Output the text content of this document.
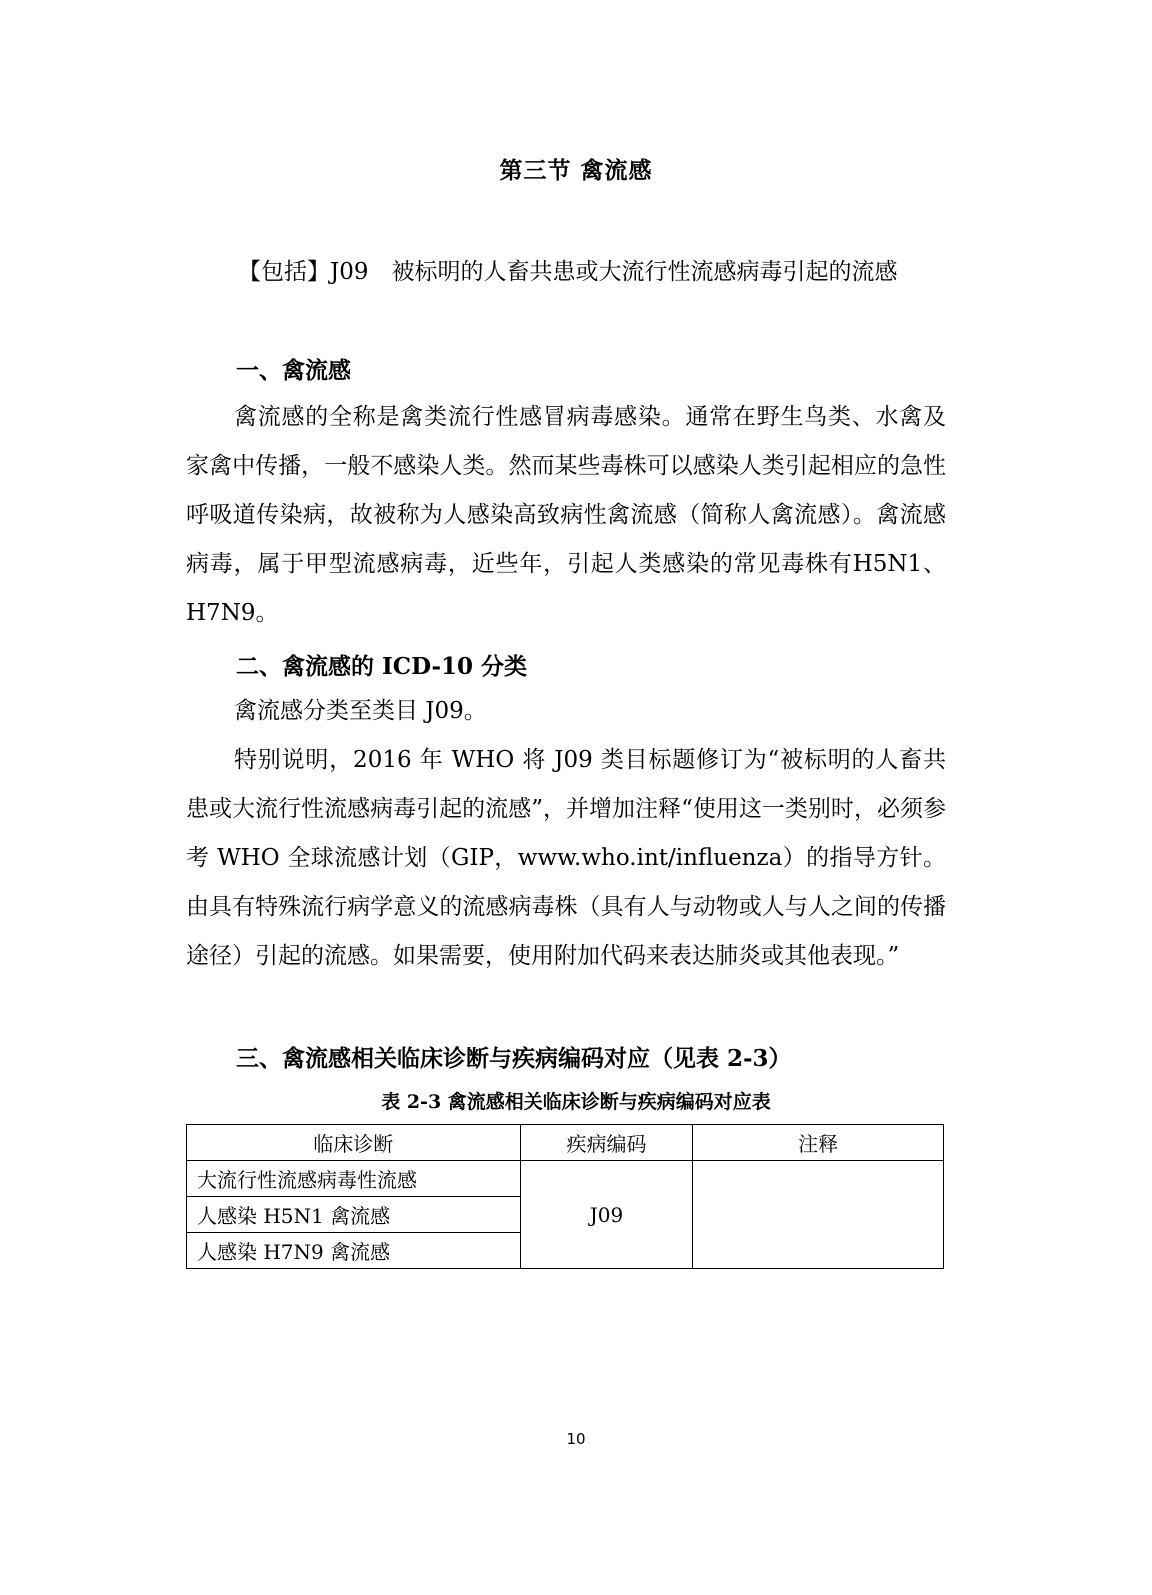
第三节 禽流感
【包括】J09　被标明的人畜共患或大流行性流感病毒引起的流感
一、禽流感

禽流感的全称是禽类流行性感冒病毒感染。通常在野生鸟类、水禽及家禽中传播，一般不感染人类。然而某些毒株可以感染人类引起相应的急性呼吸道传染病，故被称为人感染高致病性禽流感（简称人禽流感）。禽流感病毒，属于甲型流感病毒，近些年，引起人类感染的常见毒株有H5N1、H7N9。

二、禽流感的 ICD-10 分类

禽流感分类至类目 J09。

特别说明，2016 年 WHO 将 J09 类目标题修订为“被标明的人畜共患或大流行性流感病毒引起的流感”，并增加注释“使用这一类别时，必须参考 WHO 全球流感计划（GIP，www.who.int/influenza）的指导方针。由具有特殊流行病学意义的流感病毒株（具有人与动物或人与人之间的传播途径）引起的流感。如果需要，使用附加代码来表达肺炎或其他表现。”

三、禽流感相关临床诊断与疾病编码对应（见表 2-3）
表 2-3 禽流感相关临床诊断与疾病编码对应表
临床诊断	疾病编码	注释
大流行性流感病毒性流感	J09	
人感染 H5N1 禽流感		
人感染 H7N9 禽流感		
10
